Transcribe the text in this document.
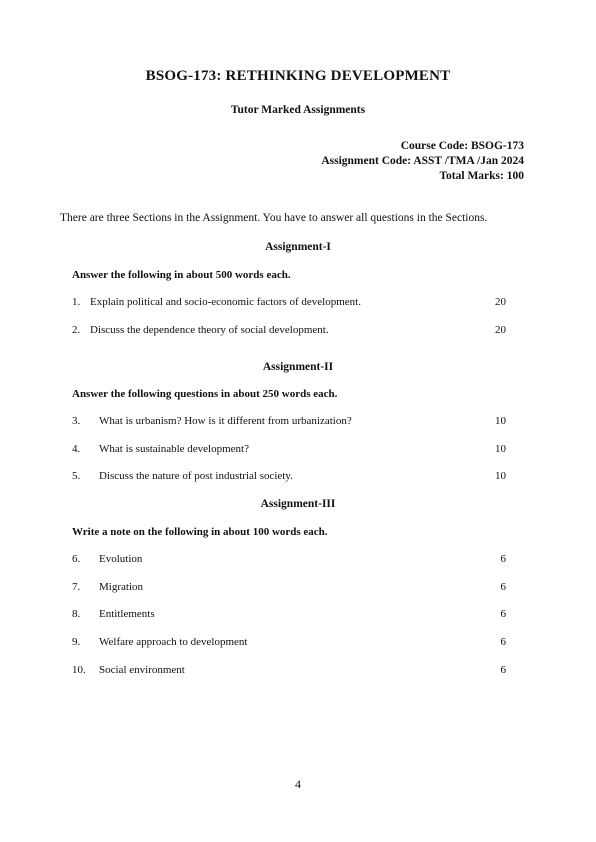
BSOG-173: RETHINKING DEVELOPMENT
Tutor Marked Assignments
Course Code: BSOG-173
Assignment Code: ASST /TMA /Jan 2024
Total Marks: 100
There are three Sections in the Assignment. You have to answer all questions in the Sections.
Assignment-I
Answer the following in about 500 words each.
1. Explain political and socio-economic factors of development.	20
2. Discuss the dependence theory of social development.	20
Assignment-II
Answer the following questions in about 250 words each.
3.	What is urbanism? How is it different from urbanization?	10
4.	What is sustainable development?	10
5.	Discuss the nature of post industrial society.	10
Assignment-III
Write a note on the following in about 100 words each.
6.	Evolution	6
7.	Migration	6
8.	Entitlements	6
9.	Welfare approach to development	6
10.	Social environment	6
4
